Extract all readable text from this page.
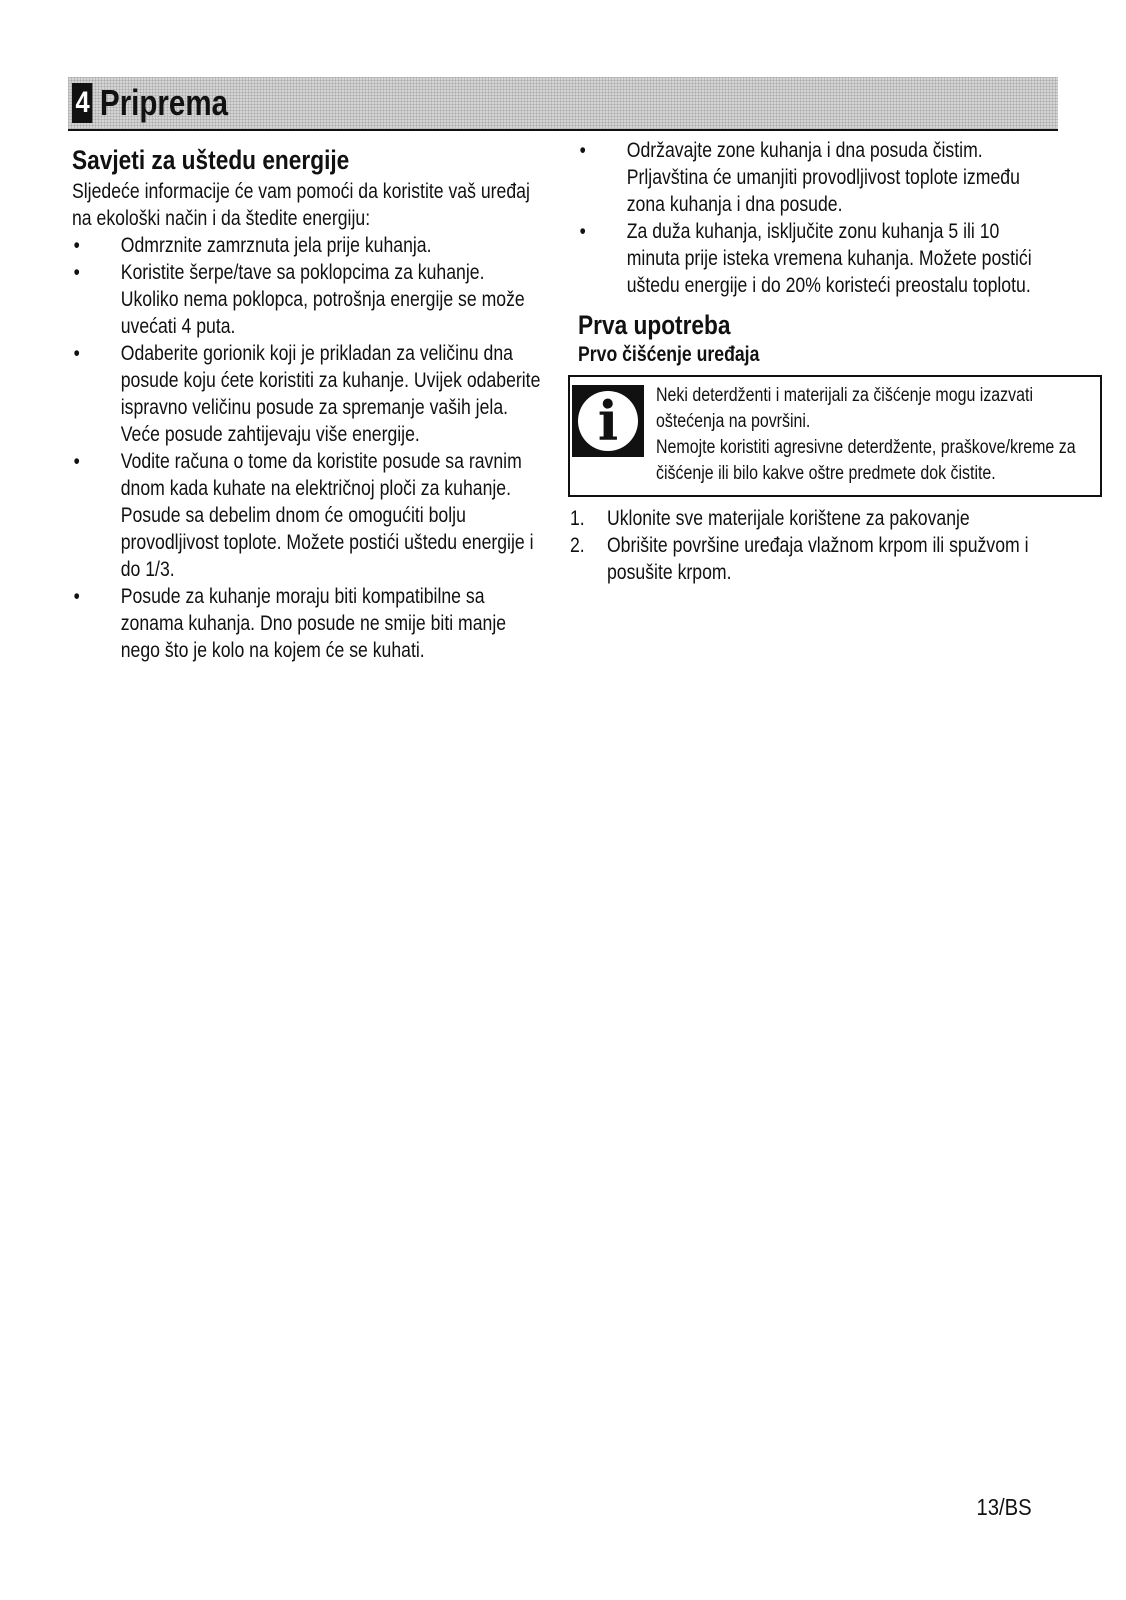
4 Priprema
Savjeti za uštedu energije

Sljedeće informacije će vam pomoći da koristite vaš uređaj na ekološki način i da štedite energiju:

• Odmrznite zamrznuta jela prije kuhanja.
• Koristite šerpe/tave sa poklopcima za kuhanje. Ukoliko nema poklopca, potrošnja energije se može uvećati 4 puta.
• Odaberite gorionik koji je prikladan za veličinu dna posude koju ćete koristiti za kuhanje. Uvijek odaberite ispravno veličinu posude za spremanje vaših jela. Veće posude zahtijevaju više energije.
• Vodite računa o tome da koristite posude sa ravnim dnom kada kuhate na električnoj ploči za kuhanje.
Posude sa debelim dnom će omogućiti bolju provodljivost toplote. Možete postići uštedu energije i do 1/3.
• Posude za kuhanje moraju biti kompatibilne sa zonama kuhanja. Dno posude ne smije biti manje nego što je kolo na kojem će se kuhati.
• Održavajte zone kuhanja i dna posuda čistim. Prljavština će umanjiti provodljivost toplote između zona kuhanja i dna posude.
• Za duža kuhanja, isključite zonu kuhanja 5 ili 10 minuta prije isteka vremena kuhanja. Možete postići uštedu energije i do 20% koristeći preostalu toplotu.
Prva upotreba
Prvo čišćenje uređaja
i	Neki deterdženti i materijali za čišćenje mogu izazvati oštećenja na površini.
Nemojte koristiti agresivne deterdžente, praškove/kreme za čišćenje ili bilo kakve oštre predmete dok čistite.
1. Uklonite sve materijale korištene za pakovanje
2. Obrišite površine uređaja vlažnom krpom ili spužvom i posušite krpom.
13/BS
